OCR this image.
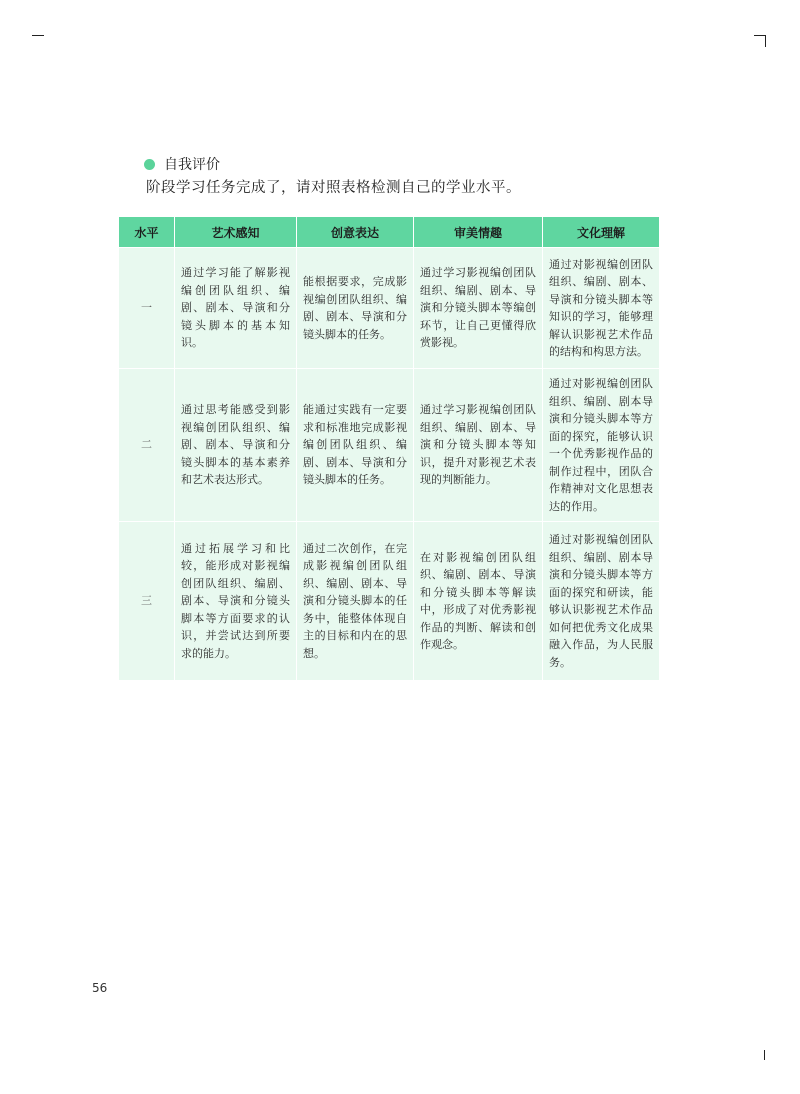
自我评价
阶段学习任务完成了，请对照表格检测自己的学业水平。
水平	艺术感知	创意表达	审美情趣	文化理解
一	通过学习能了解影视编创团队组织、编剧、剧本、导演和分镜头脚本的基本知识。	能根据要求，完成影视编创团队组织、编剧、剧本、导演和分镜头脚本的任务。	通过学习影视编创团队组织、编剧、剧本、导演和分镜头脚本等编创环节，让自己更懂得欣赏影视。	通过对影视编创团队组织、编剧、剧本、导演和分镜头脚本等知识的学习，能够理解认识影视艺术作品的结构和构思方法。
二	通过思考能感受到影视编创团队组织、编剧、剧本、导演和分镜头脚本的基本素养和艺术表达形式。	能通过实践有一定要求和标准地完成影视编创团队组织、编剧、剧本、导演和分镜头脚本的任务。	通过学习影视编创团队组织、编剧、剧本、导演和分镜头脚本等知识，提升对影视艺术表现的判断能力。	通过对影视编创团队组织、编剧、剧本导演和分镜头脚本等方面的探究，能够认识一个优秀影视作品的制作过程中，团队合作精神对文化思想表达的作用。
三	通过拓展学习和比较，能形成对影视编创团队组织、编剧、剧本、导演和分镜头脚本等方面要求的认识，并尝试达到所要求的能力。	通过二次创作，在完成影视编创团队组织、编剧、剧本、导演和分镜头脚本的任务中，能整体体现自主的目标和内在的思想。	在对影视编创团队组织、编剧、剧本、导演和分镜头脚本等解读中，形成了对优秀影视作品的判断、解读和创作观念。	通过对影视编创团队组织、编剧、剧本导演和分镜头脚本等方面的探究和研读，能够认识影视艺术作品如何把优秀文化成果融入作品，为人民服务。
56
